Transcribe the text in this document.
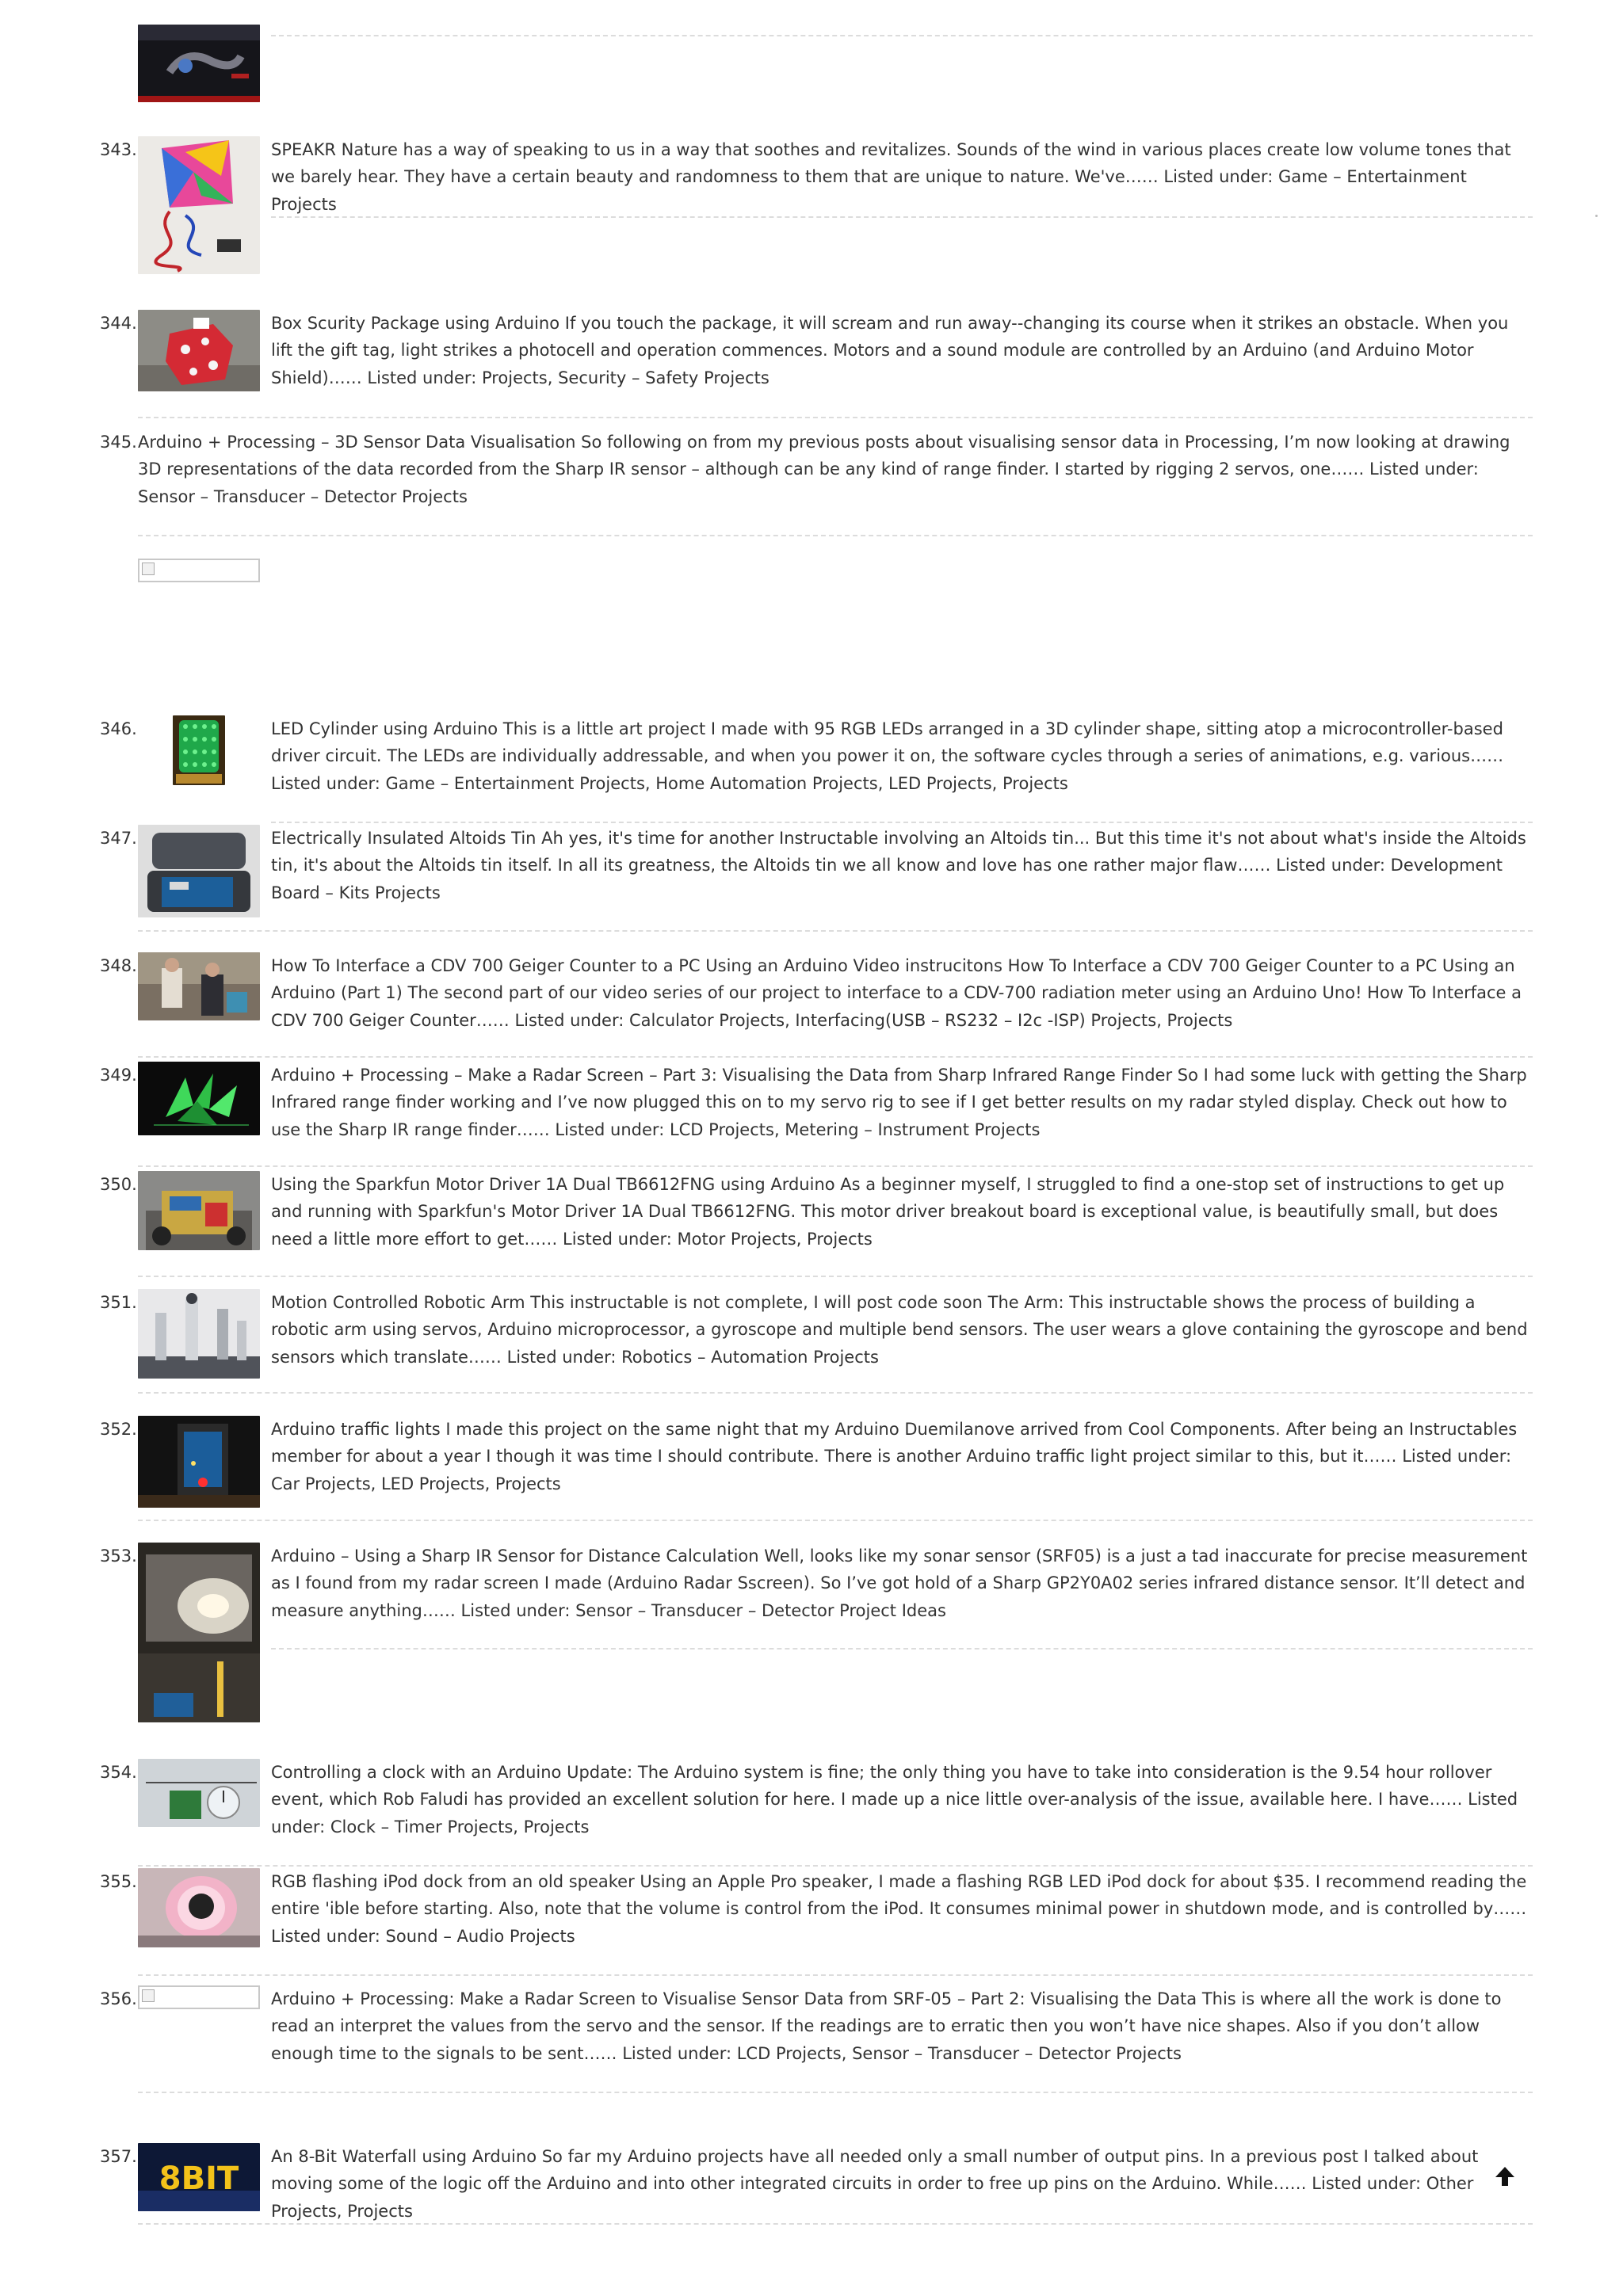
343.	SPEAKR Nature has a way of speaking to us in a way that soothes and revitalizes. Sounds of the wind in various places create low volume tones that we barely hear. They have a certain beauty and randomness to them that are unique to nature. We've…… Listed under: Game – Entertainment Projects
344.	Box Scurity Package using Arduino If you touch the package, it will scream and run away--changing its course when it strikes an obstacle. When you lift the gift tag, light strikes a photocell and operation commences. Motors and a sound module are controlled by an Arduino (and Arduino Motor Shield)…… Listed under: Projects, Security – Safety Projects
345. Arduino + Processing – 3D Sensor Data Visualisation So following on from my previous posts about visualising sensor data in Processing, I’m now looking at drawing 3D representations of the data recorded from the Sharp IR sensor – although can be any kind of range finder. I started by rigging 2 servos, one…… Listed under: Sensor – Transducer – Detector Projects
346.	LED Cylinder using Arduino This is a little art project I made with 95 RGB LEDs arranged in a 3D cylinder shape, sitting atop a microcontroller-based driver circuit. The LEDs are individually addressable, and when you power it on, the software cycles through a series of animations, e.g. various…… Listed under: Game – Entertainment Projects, Home Automation Projects, LED Projects, Projects
347.	Electrically Insulated Altoids Tin Ah yes, it's time for another Instructable involving an Altoids tin... But this time it's not about what's inside the Altoids tin, it's about the Altoids tin itself. In all its greatness, the Altoids tin we all know and love has one rather major flaw…… Listed under: Development Board – Kits Projects
348.	How To Interface a CDV 700 Geiger Counter to a PC Using an Arduino Video instrucitons How To Interface a CDV 700 Geiger Counter to a PC Using an Arduino (Part 1) The second part of our video series of our project to interface to a CDV-700 radiation meter using an Arduino Uno! How To Interface a CDV 700 Geiger Counter…… Listed under: Calculator Projects, Interfacing(USB – RS232 – I2c -ISP) Projects, Projects
349.	Arduino + Processing – Make a Radar Screen – Part 3: Visualising the Data from Sharp Infrared Range Finder So I had some luck with getting the Sharp Infrared range finder working and I’ve now plugged this on to my servo rig to see if I get better results on my radar styled display. Check out how to use the Sharp IR range finder…… Listed under: LCD Projects, Metering – Instrument Projects
350.	Using the Sparkfun Motor Driver 1A Dual TB6612FNG using Arduino As a beginner myself, I struggled to find a one-stop set of instructions to get up and running with Sparkfun's Motor Driver 1A Dual TB6612FNG. This motor driver breakout board is exceptional value, is beautifully small, but does need a little more effort to get…… Listed under: Motor Projects, Projects
351.	Motion Controlled Robotic Arm This instructable is not complete, I will post code soon The Arm: This instructable shows the process of building a robotic arm using servos, Arduino microprocessor, a gyroscope and multiple bend sensors. The user wears a glove containing the gyroscope and bend sensors which translate…… Listed under: Robotics – Automation Projects
352.	Arduino traffic lights I made this project on the same night that my Arduino Duemilanove arrived from Cool Components. After being an Instructables member for about a year I though it was time I should contribute. There is another Arduino traffic light project similar to this, but it…… Listed under: Car Projects, LED Projects, Projects
353.	Arduino – Using a Sharp IR Sensor for Distance Calculation Well, looks like my sonar sensor (SRF05) is a just a tad inaccurate for precise measurement as I found from my radar screen I made (Arduino Radar Sscreen). So I’ve got hold of a Sharp GP2Y0A02 series infrared distance sensor. It’ll detect and measure anything…… Listed under: Sensor – Transducer – Detector Project Ideas
354.	Controlling a clock with an Arduino Update: The Arduino system is fine; the only thing you have to take into consideration is the 9.54 hour rollover event, which Rob Faludi has provided an excellent solution for here. I made up a nice little over-analysis of the issue, available here. I have…… Listed under: Clock – Timer Projects, Projects
355.	RGB flashing iPod dock from an old speaker Using an Apple Pro speaker, I made a flashing RGB LED iPod dock for about $35. I recommend reading the entire 'ible before starting. Also, note that the volume is control from the iPod. It consumes minimal power in shutdown mode, and is controlled by…… Listed under: Sound – Audio Projects
356.	Arduino + Processing: Make a Radar Screen to Visualise Sensor Data from SRF-05 – Part 2: Visualising the Data This is where all the work is done to read an interpret the values from the servo and the sensor. If the readings are to erratic then you won’t have nice shapes. Also if you don’t allow enough time to the signals to be sent…… Listed under: LCD Projects, Sensor – Transducer – Detector Projects
357.
8BIT
An 8-Bit Waterfall using Arduino So far my Arduino projects have all needed only a small number of output pins. In a previous post I talked about moving some of the logic off the Arduino and into other integrated circuits in order to free up pins on the Arduino. While…… Listed under: Other Projects, Projects
